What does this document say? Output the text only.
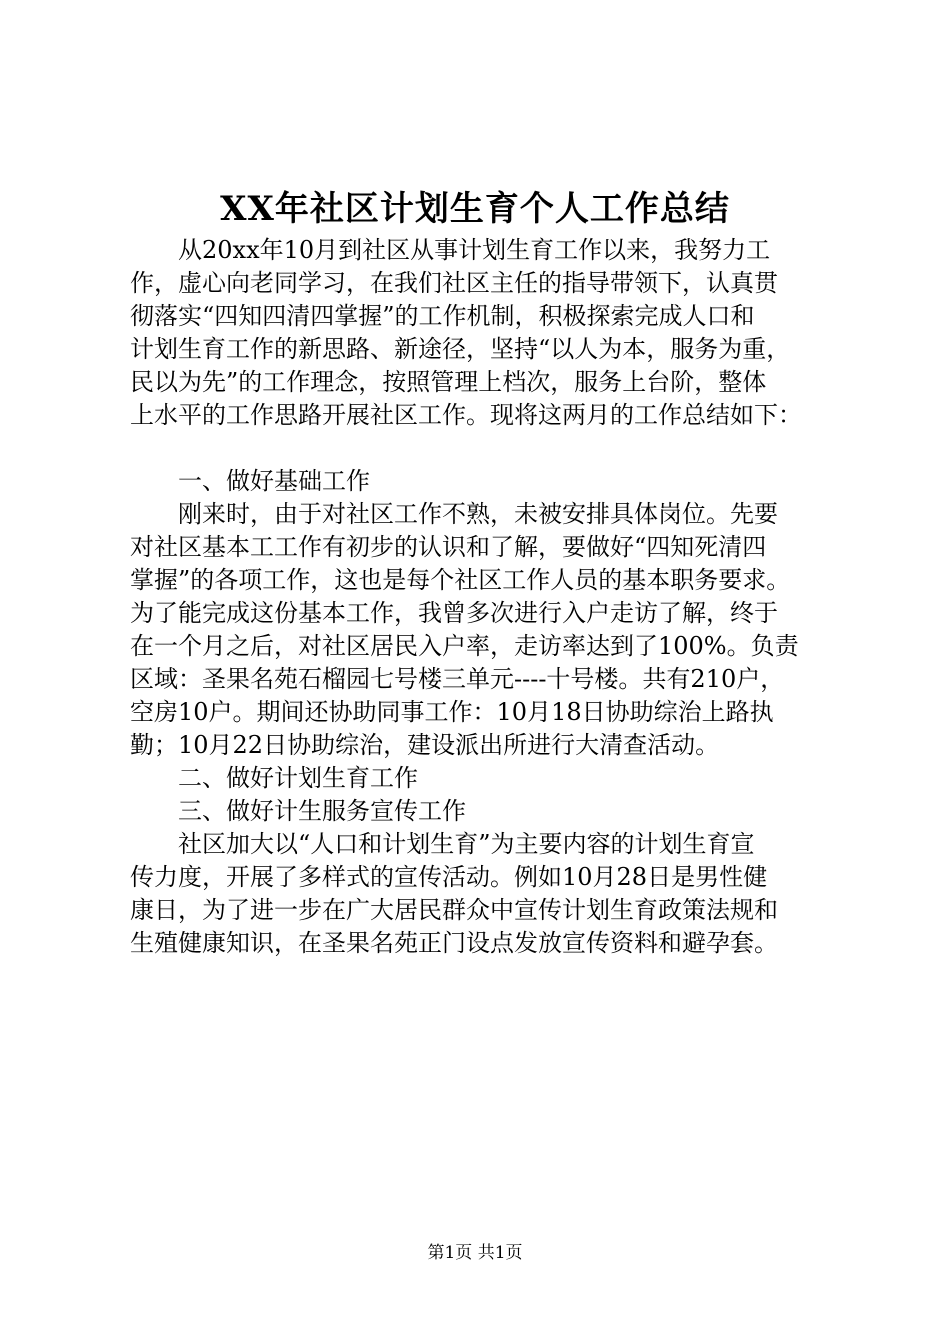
XX年社区计划生育个人工作总结
从20xx年10月到社区从事计划生育工作以来，我努力工
作，虚心向老同学习，在我们社区主任的指导带领下，认真贯
彻落实“四知四清四掌握”的工作机制，积极探索完成人口和
计划生育工作的新思路、新途径，坚持“以人为本，服务为重，
民以为先”的工作理念，按照管理上档次，服务上台阶，整体
上水平的工作思路开展社区工作。现将这两月的工作总结如下：
一、做好基础工作
刚来时，由于对社区工作不熟，未被安排具体岗位。先要
对社区基本工工作有初步的认识和了解，要做好“四知死清四
掌握”的各项工作，这也是每个社区工作人员的基本职务要求。
为了能完成这份基本工作，我曾多次进行入户走访了解，终于
在一个月之后，对社区居民入户率，走访率达到了100%。负责
区域：圣果名苑石榴园七号楼三单元----十号楼。共有210户，
空房10户。期间还协助同事工作：10月18日协助综治上路执
勤；10月22日协助综治，建设派出所进行大清查活动。
二、做好计划生育工作
三、做好计生服务宣传工作
社区加大以“人口和计划生育”为主要内容的计划生育宣
传力度，开展了多样式的宣传活动。例如10月28日是男性健
康日，为了进一步在广大居民群众中宣传计划生育政策法规和
生殖健康知识，在圣果名苑正门设点发放宣传资料和避孕套。
第1页 共1页
